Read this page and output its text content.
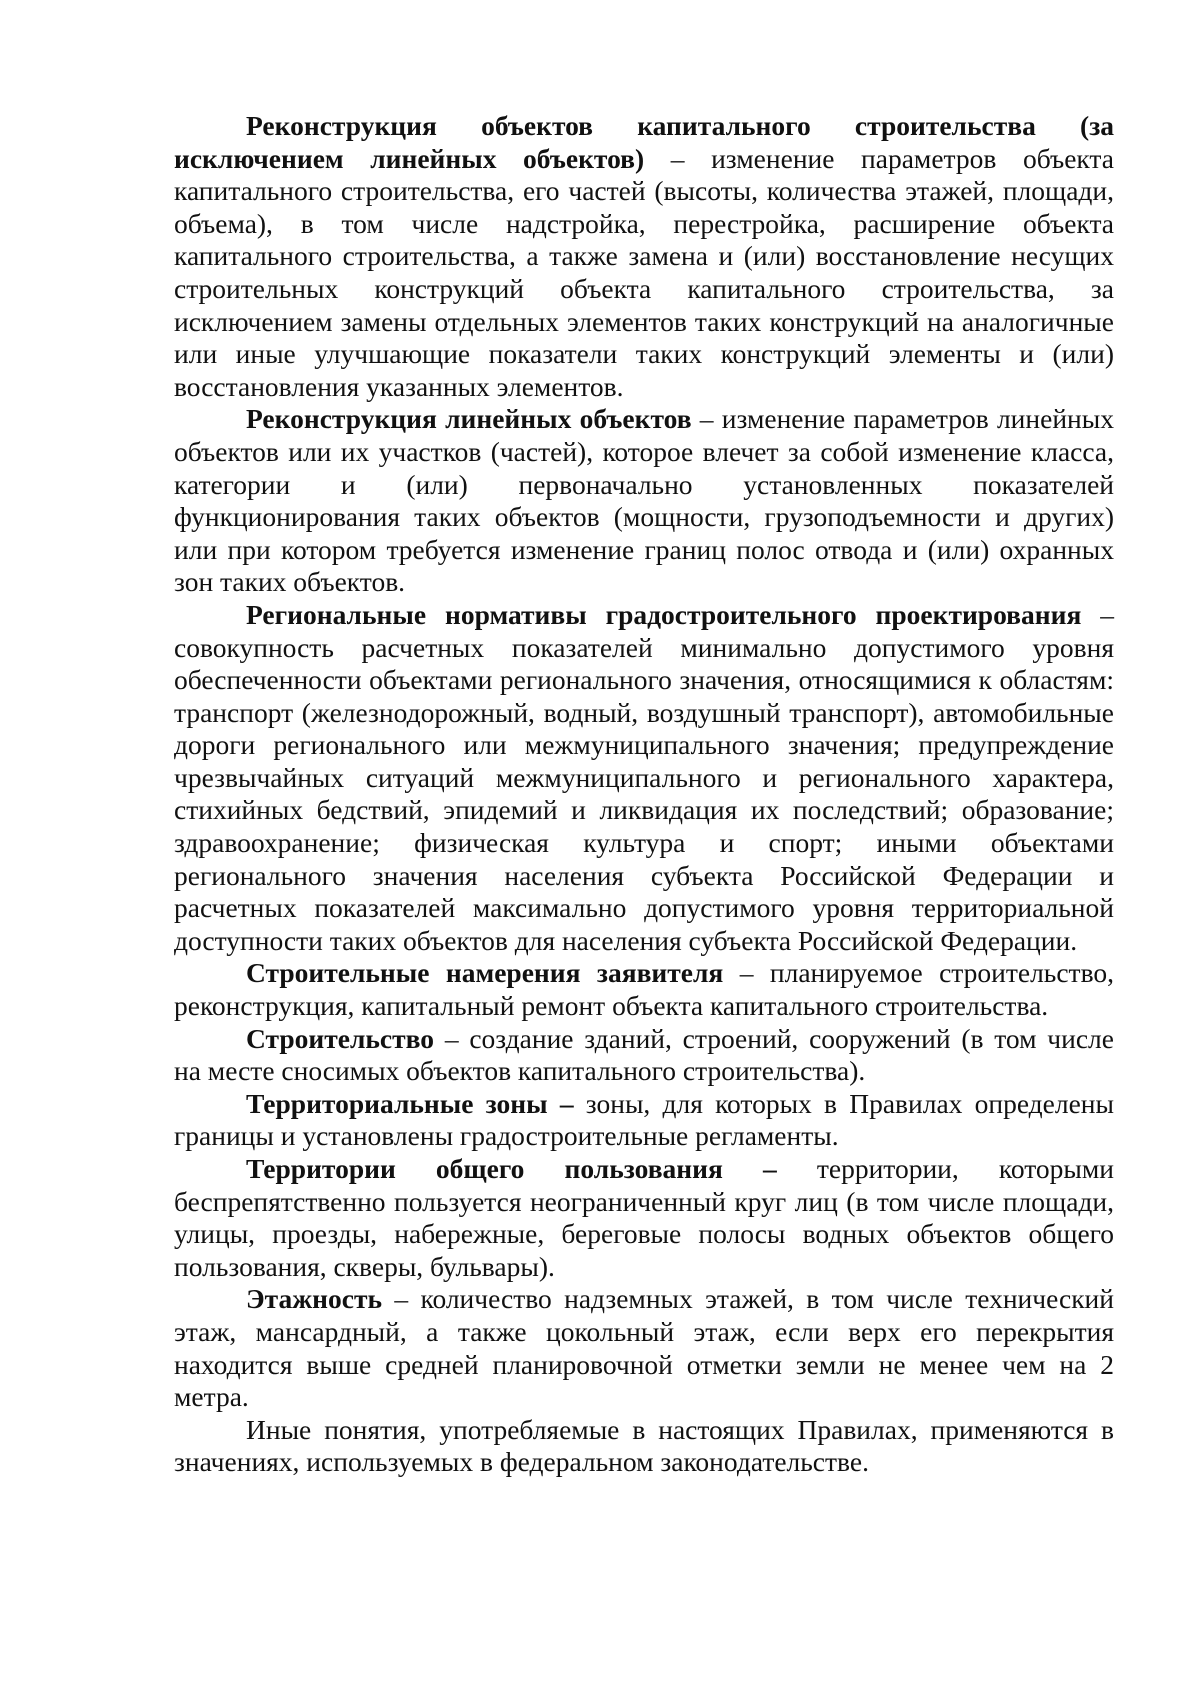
Реконструкция объектов капитального строительства (за исключением линейных объектов) – изменение параметров объекта капитального строительства, его частей (высоты, количества этажей, площади, объема), в том числе надстройка, перестройка, расширение объекта капитального строительства, а также замена и (или) восстановление несущих строительных конструкций объекта капитального строительства, за исключением замены отдельных элементов таких конструкций на аналогичные или иные улучшающие показатели таких конструкций элементы и (или) восстановления указанных элементов.

Реконструкция линейных объектов – изменение параметров линейных объектов или их участков (частей), которое влечет за собой изменение класса, категории и (или) первоначально установленных показателей функционирования таких объектов (мощности, грузоподъемности и других) или при котором требуется изменение границ полос отвода и (или) охранных зон таких объектов.

Региональные нормативы градостроительного проектирования – совокупность расчетных показателей минимально допустимого уровня обеспеченности объектами регионального значения, относящимися к областям: транспорт (железнодорожный, водный, воздушный транспорт), автомобильные дороги регионального или межмуниципального значения; предупреждение чрезвычайных ситуаций межмуниципального и регионального характера, стихийных бедствий, эпидемий и ликвидация их последствий; образование; здравоохранение; физическая культура и спорт; иными объектами регионального значения населения субъекта Российской Федерации и расчетных показателей максимально допустимого уровня территориальной доступности таких объектов для населения субъекта Российской Федерации.

Строительные намерения заявителя – планируемое строительство, реконструкция, капитальный ремонт объекта капитального строительства.

Строительство – создание зданий, строений, сооружений (в том числе на месте сносимых объектов капитального строительства).

Территориальные зоны – зоны, для которых в Правилах определены границы и установлены градостроительные регламенты.

Территории общего пользования – территории, которыми беспрепятственно пользуется неограниченный круг лиц (в том числе площади, улицы, проезды, набережные, береговые полосы водных объектов общего пользования, скверы, бульвары).

Этажность – количество надземных этажей, в том числе технический этаж, мансардный, а также цокольный этаж, если верх его перекрытия находится выше средней планировочной отметки земли не менее чем на 2 метра.

Иные понятия, употребляемые в настоящих Правилах, применяются в значениях, используемых в федеральном законодательстве.
